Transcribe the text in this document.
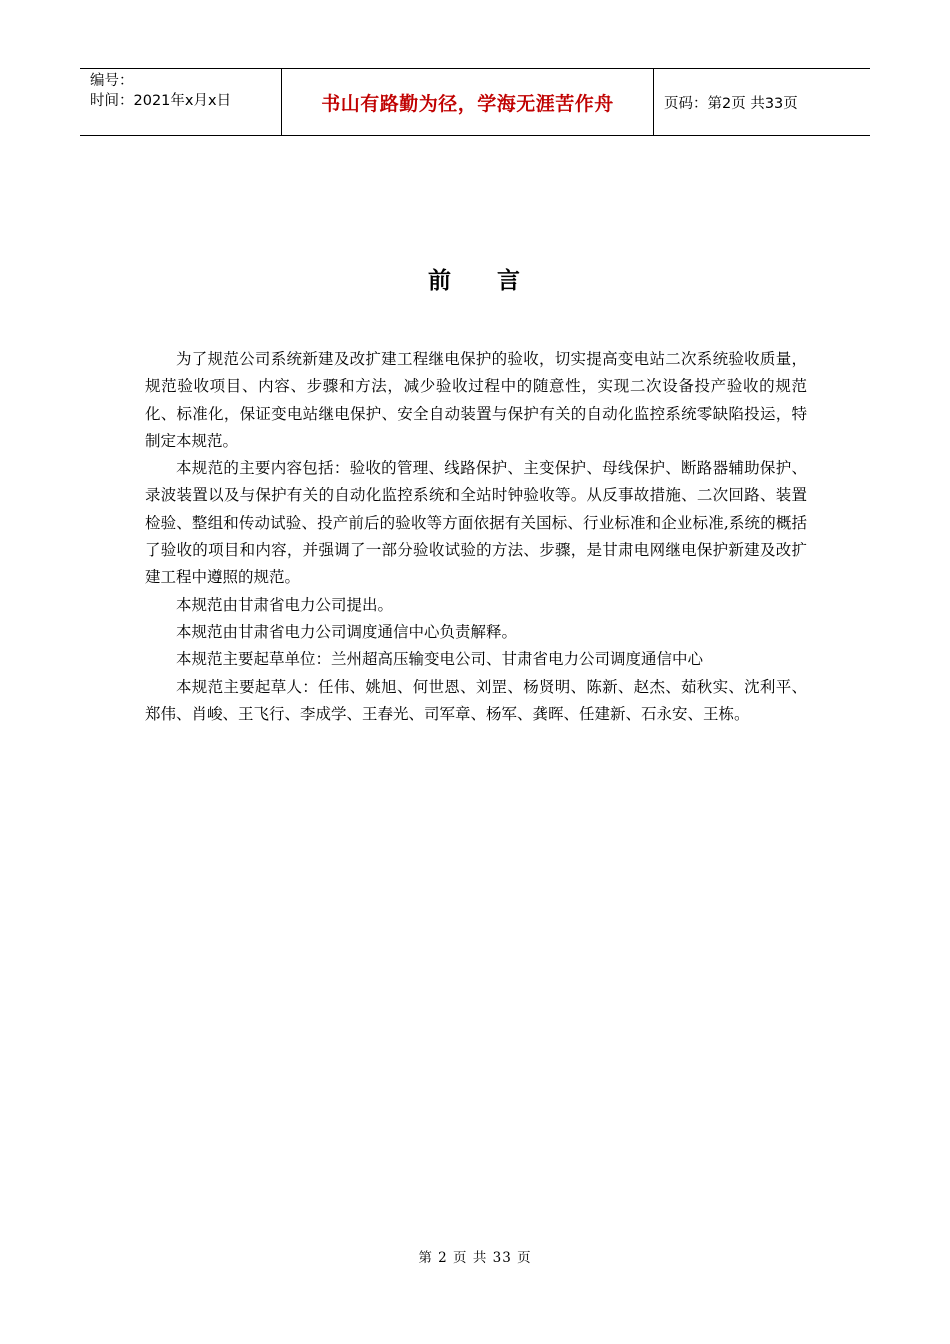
编号：
时间：2021年x月x日	书山有路勤为径，学海无涯苦作舟	页码：第2页 共33页
前 言

为了规范公司系统新建及改扩建工程继电保护的验收，切实提高变电站二次系统验收质量，规范验收项目、内容、步骤和方法，减少验收过程中的随意性，实现二次设备投产验收的规范化、标准化，保证变电站继电保护、安全自动装置与保护有关的自动化监控系统零缺陷投运，特制定本规范。

本规范的主要内容包括：验收的管理、线路保护、主变保护、母线保护、断路器辅助保护、录波装置以及与保护有关的自动化监控系统和全站时钟验收等。从反事故措施、二次回路、装置检验、整组和传动试验、投产前后的验收等方面依据有关国标、行业标准和企业标准,系统的概括了验收的项目和内容，并强调了一部分验收试验的方法、步骤，是甘肃电网继电保护新建及改扩建工程中遵照的规范。

本规范由甘肃省电力公司提出。

本规范由甘肃省电力公司调度通信中心负责解释。

本规范主要起草单位：兰州超高压输变电公司、甘肃省电力公司调度通信中心

本规范主要起草人：任伟、姚旭、何世恩、刘罡、杨贤明、陈新、赵杰、茹秋实、沈利平、郑伟、肖峻、王飞行、李成学、王春光、司军章、杨军、龚晖、任建新、石永安、王栋。

第 2 页 共 33 页
